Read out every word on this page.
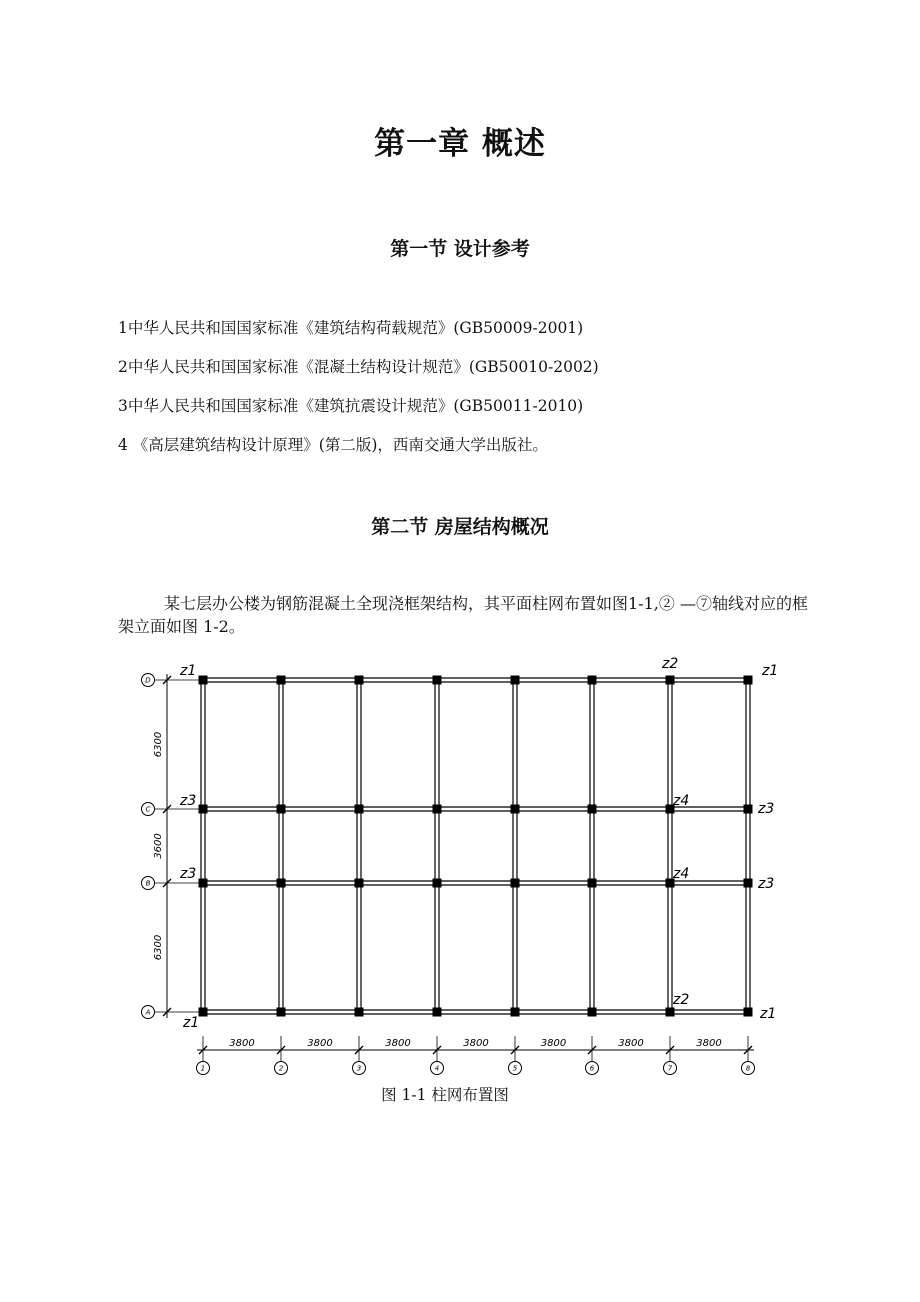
第一章 概述
第一节 设计参考
1中华人民共和国国家标准《建筑结构荷载规范》(GB50009-2001)
2中华人民共和国国家标准《混凝土结构设计规范》(GB50010-2002)
3中华人民共和国国家标准《建筑抗震设计规范》(GB50011-2010)
4 《高层建筑结构设计原理》(第二版)，西南交通大学出版社。
第二节 房屋结构概况
某七层办公楼为钢筋混凝土全现浇框架结构，其平面柱网布置如图1-1,② —⑦轴线对应的框架立面如图 1-2。
6300
3600
6300
3800	3800	3800	3800	3800	3800	3800
D
C
B
A
1	2	3	4	5	6	7	8
z1	z2	z1
z3	z4	z3
z3	z4
z3
z1
z2
z1
图 1-1 柱网布置图
